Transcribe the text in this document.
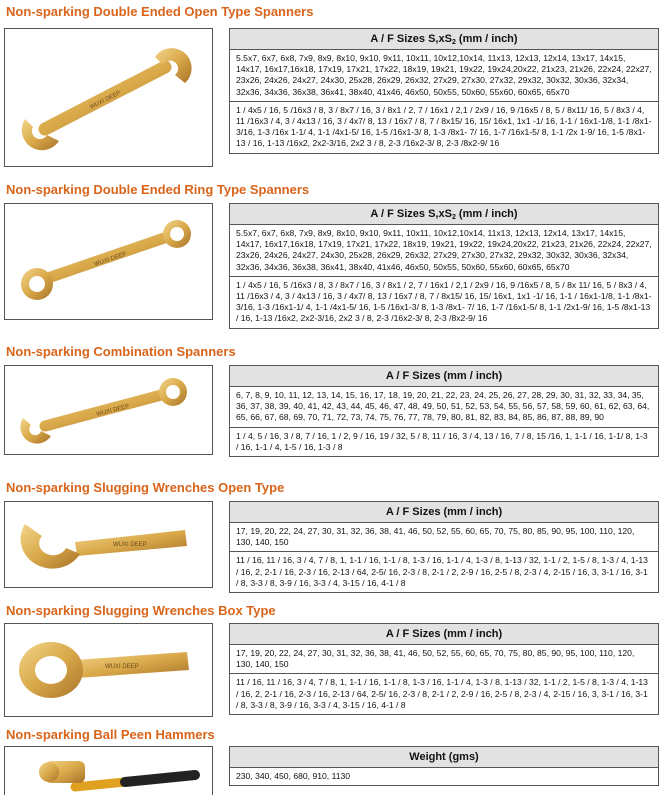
Non-sparking Double Ended Open Type Spanners
WUXI DEEP
A / F Sizes $S,xS_2$ (mm / inch)
5.5x7, 6x7, 6x8, 7x9, 8x9, 8x10, 9x10, 9x11, 10x11, 10x12,10x14, 11x13, 12x13, 12x14, 13x17, 14x15, 14x17, 16x17,16x18, 17x19, 17x21, 17x22, 18x19, 19x21, 19x22, 19x24,20x22, 21x23, 21x26, 22x24, 22x27, 23x26, 24x26, 24x27, 24x30, 25x28, 26x29, 26x32, 27x29, 27x30, 27x32, 29x32, 30x32, 30x36, 32x34, 32x36, 34x36, 36x38, 36x41, 38x40, 41x46, 46x50, 50x55, 50x60, 55x60, 60x65, 65x70
1 / 4x5 / 16, 5 /16x3 / 8, 3 / 8x7 / 16, 3 / 8x1 / 2, 7 / 16x1 / 2,1 / 2x9 / 16, 9 /16x5 / 8, 5 / 8x11/ 16, 5 / 8x3 / 4, 11 /16x3 / 4, 3 / 4x13 / 16, 3 / 4x7/ 8, 13 / 16x7 / 8, 7 / 8x15/ 16, 15/ 16x1, 1x1 -1/ 16, 1-1 / 16x1-1/8, 1-1 /8x1-3/16, 1-3 /16x 1-1/ 4, 1-1 /4x1-5/ 16, 1-5 /16x1-3/ 8, 1-3 /8x1- 7/ 16, 1-7 /16x1-5/ 8, 1-1 /2x 1-9/ 16, 1-5 /8x1-13 / 16, 1-13 /16x2, 2x2-3/16, 2x2 3 / 8, 2-3 /16x2-3/ 8, 2-3 /8x2-9/ 16
Non-sparking Double Ended Ring Type Spanners
WUXI DEEP
A / F Sizes $S,xS_2$ (mm / inch)
5.5x7, 6x7, 6x8, 7x9, 8x9, 8x10, 9x10, 9x11, 10x11, 10x12,10x14, 11x13, 12x13, 12x14, 13x17, 14x15, 14x17, 16x17,16x18, 17x19, 17x21, 17x22, 18x19, 19x21, 19x22, 19x24,20x22, 21x23, 21x26, 22x24, 22x27, 23x26, 24x26, 24x27, 24x30, 25x28, 26x29, 26x32, 27x29, 27x30, 27x32, 29x32, 30x32, 30x36, 32x34, 32x36, 34x36, 36x38, 36x41, 38x40, 41x46, 46x50, 50x55, 50x60, 55x60, 60x65, 65x70
1 / 4x5 / 16, 5 /16x3 / 8, 3 / 8x7 / 16, 3 / 8x1 / 2, 7 / 16x1 / 2,1 / 2x9 / 16, 9 /16x5 / 8, 5 / 8x 11/ 16, 5 / 8x3 / 4, 11 /16x3 / 4, 3 / 4x13 / 16, 3 / 4x7/ 8, 13 / 16x7 / 8, 7 / 8x15/ 16, 15/ 16x1, 1x1 -1/ 16, 1-1 / 16x1-1/8, 1-1 /8x1-3/16, 1-3 /16x1-1/ 4, 1-1 /4x1-5/ 16, 1-5 /16x1-3/ 8, 1-3 /8x1- 7/ 16, 1-7 /16x1-5/ 8, 1-1 /2x1-9/ 16, 1-5 /8x1-13 / 16, 1-13 /16x2, 2x2-3/16, 2x2 3 / 8, 2-3 /16x2-3/ 8, 2-3 /8x2-9/ 16
Non-sparking Combination Spanners
WUXI DEEP
A / F Sizes (mm / inch)
6, 7, 8, 9, 10, 11, 12, 13, 14, 15, 16, 17, 18, 19, 20, 21, 22, 23, 24, 25, 26, 27, 28, 29, 30, 31, 32, 33, 34, 35, 36, 37, 38, 39, 40, 41, 42, 43, 44, 45, 46, 47, 48, 49, 50, 51, 52, 53, 54, 55, 56, 57, 58, 59, 60, 61, 62, 63, 64, 65, 66, 67, 68, 69, 70, 71, 72, 73, 74, 75, 76, 77, 78, 79, 80, 81, 82, 83, 84, 85, 86, 87, 88, 89, 90
1 / 4, 5 / 16, 3 / 8, 7 / 16, 1 / 2, 9 / 16, 19 / 32, 5 / 8, 11 / 16, 3 / 4, 13 / 16, 7 / 8, 15 /16, 1, 1-1 / 16, 1-1/ 8, 1-3 / 16, 1-1 / 4, 1-5 / 16, 1-3 / 8
Non-sparking Slugging Wrenches Open Type
WUXI DEEP
A / F Sizes (mm / inch)
17, 19, 20, 22, 24, 27, 30, 31, 32, 36, 38, 41, 46, 50, 52, 55, 60, 65, 70, 75, 80, 85, 90, 95, 100, 110, 120, 130, 140, 150
11 / 16, 11 / 16, 3 / 4, 7 / 8, 1, 1-1 / 16, 1-1 / 8, 1-3 / 16, 1-1 / 4, 1-3 / 8, 1-13 / 32, 1-1 / 2, 1-5 / 8, 1-3 / 4, 1-13 / 16, 2, 2-1 / 16, 2-3 / 16, 2-13 / 64, 2-5/ 16, 2-3 / 8, 2-1 / 2, 2-9 / 16, 2-5 / 8, 2-3 / 4, 2-15 / 16, 3, 3-1 / 16, 3-1 / 8, 3-3 / 8, 3-9 / 16, 3-3 / 4, 3-15 / 16, 4-1 / 8
Non-sparking Slugging Wrenches Box Type
WUXI DEEP
A / F Sizes (mm / inch)
17, 19, 20, 22, 24, 27, 30, 31, 32, 36, 38, 41, 46, 50, 52, 55, 60, 65, 70, 75, 80, 85, 90, 95, 100, 110, 120, 130, 140, 150
11 / 16, 11 / 16, 3 / 4, 7 / 8, 1, 1-1 / 16, 1-1 / 8, 1-3 / 16, 1-1 / 4, 1-3 / 8, 1-13 / 32, 1-1 / 2, 1-5 / 8, 1-3 / 4, 1-13 / 16, 2, 2-1 / 16, 2-3 / 16, 2-13 / 64, 2-5/ 16, 2-3 / 8, 2-1 / 2, 2-9 / 16, 2-5 / 8, 2-3 / 4, 2-15 / 16, 3, 3-1 / 16, 3-1 / 8, 3-3 / 8, 3-9 / 16, 3-3 / 4, 3-15 / 16, 4-1 / 8
Non-sparking Ball Peen Hammers
Weight (gms)
230, 340, 450, 680, 910, 1130
